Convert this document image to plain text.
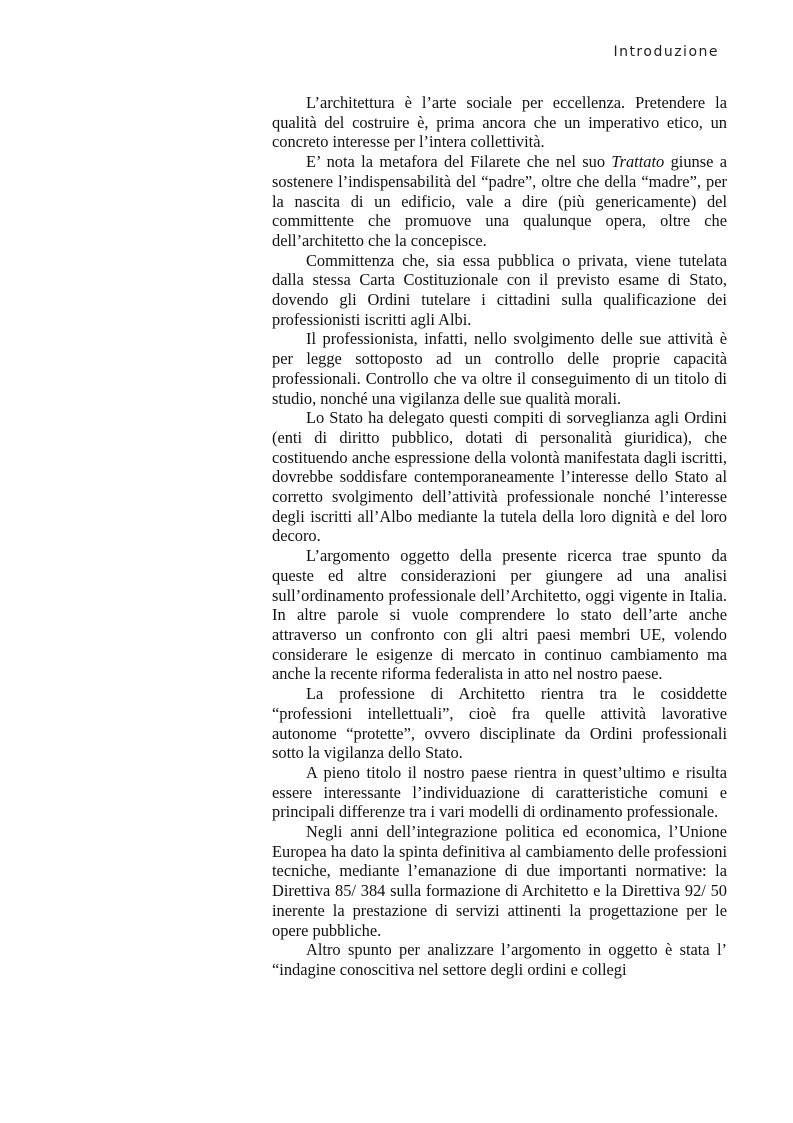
Introduzione

L’architettura è l’arte sociale per eccellenza. Pretendere la qualità del costruire è, prima ancora che un imperativo etico, un concreto interesse per l’intera collettività.

E’ nota la metafora del Filarete che nel suo Trattato giunse a sostenere l’indispensabilità del “padre”, oltre che della “madre”, per la nascita di un edificio, vale a dire (più genericamente) del committente che promuove una qualunque opera, oltre che dell’architetto che la concepisce.

Committenza che, sia essa pubblica o privata, viene tutelata dalla stessa Carta Costituzionale con il previsto esame di Stato, dovendo gli Ordini tutelare i cittadini sulla qualificazione dei professionisti iscritti agli Albi.

Il professionista, infatti, nello svolgimento delle sue attività è per legge sottoposto ad un controllo delle proprie capacità professionali. Controllo che va oltre il conseguimento di un titolo di studio, nonché una vigilanza delle sue qualità morali.

Lo Stato ha delegato questi compiti di sorveglianza agli Ordini (enti di diritto pubblico, dotati di personalità giuridica), che costituendo anche espressione della volontà manifestata dagli iscritti, dovrebbe soddisfare contemporaneamente l’interesse dello Stato al corretto svolgimento dell’attività professionale nonché l’interesse degli iscritti all’Albo mediante la tutela della loro dignità e del loro decoro.

L’argomento oggetto della presente ricerca trae spunto da queste ed altre considerazioni per giungere ad una analisi sull’ordinamento professionale dell’Architetto, oggi vigente in Italia. In altre parole si vuole comprendere lo stato dell’arte anche attraverso un confronto con gli altri paesi membri UE, volendo considerare le esigenze di mercato in continuo cambiamento ma anche la recente riforma federalista in atto nel nostro paese.

La professione di Architetto rientra tra le cosiddette “professioni intellettuali”, cioè fra quelle attività lavorative autonome “protette”, ovvero disciplinate da Ordini professionali sotto la vigilanza dello Stato.

A pieno titolo il nostro paese rientra in quest’ultimo e risulta essere interessante l’individuazione di caratteristiche comuni e principali differenze tra i vari modelli di ordinamento professionale.

Negli anni dell’integrazione politica ed economica, l’Unione Europea ha dato la spinta definitiva al cambiamento delle professioni tecniche, mediante l’emanazione di due importanti normative: la Direttiva 85/ 384 sulla formazione di Architetto e la Direttiva 92/ 50 inerente la prestazione di servizi attinenti la progettazione per le opere pubbliche.

Altro spunto per analizzare l’argomento in oggetto è stata l’ “indagine conoscitiva nel settore degli ordini e collegi
